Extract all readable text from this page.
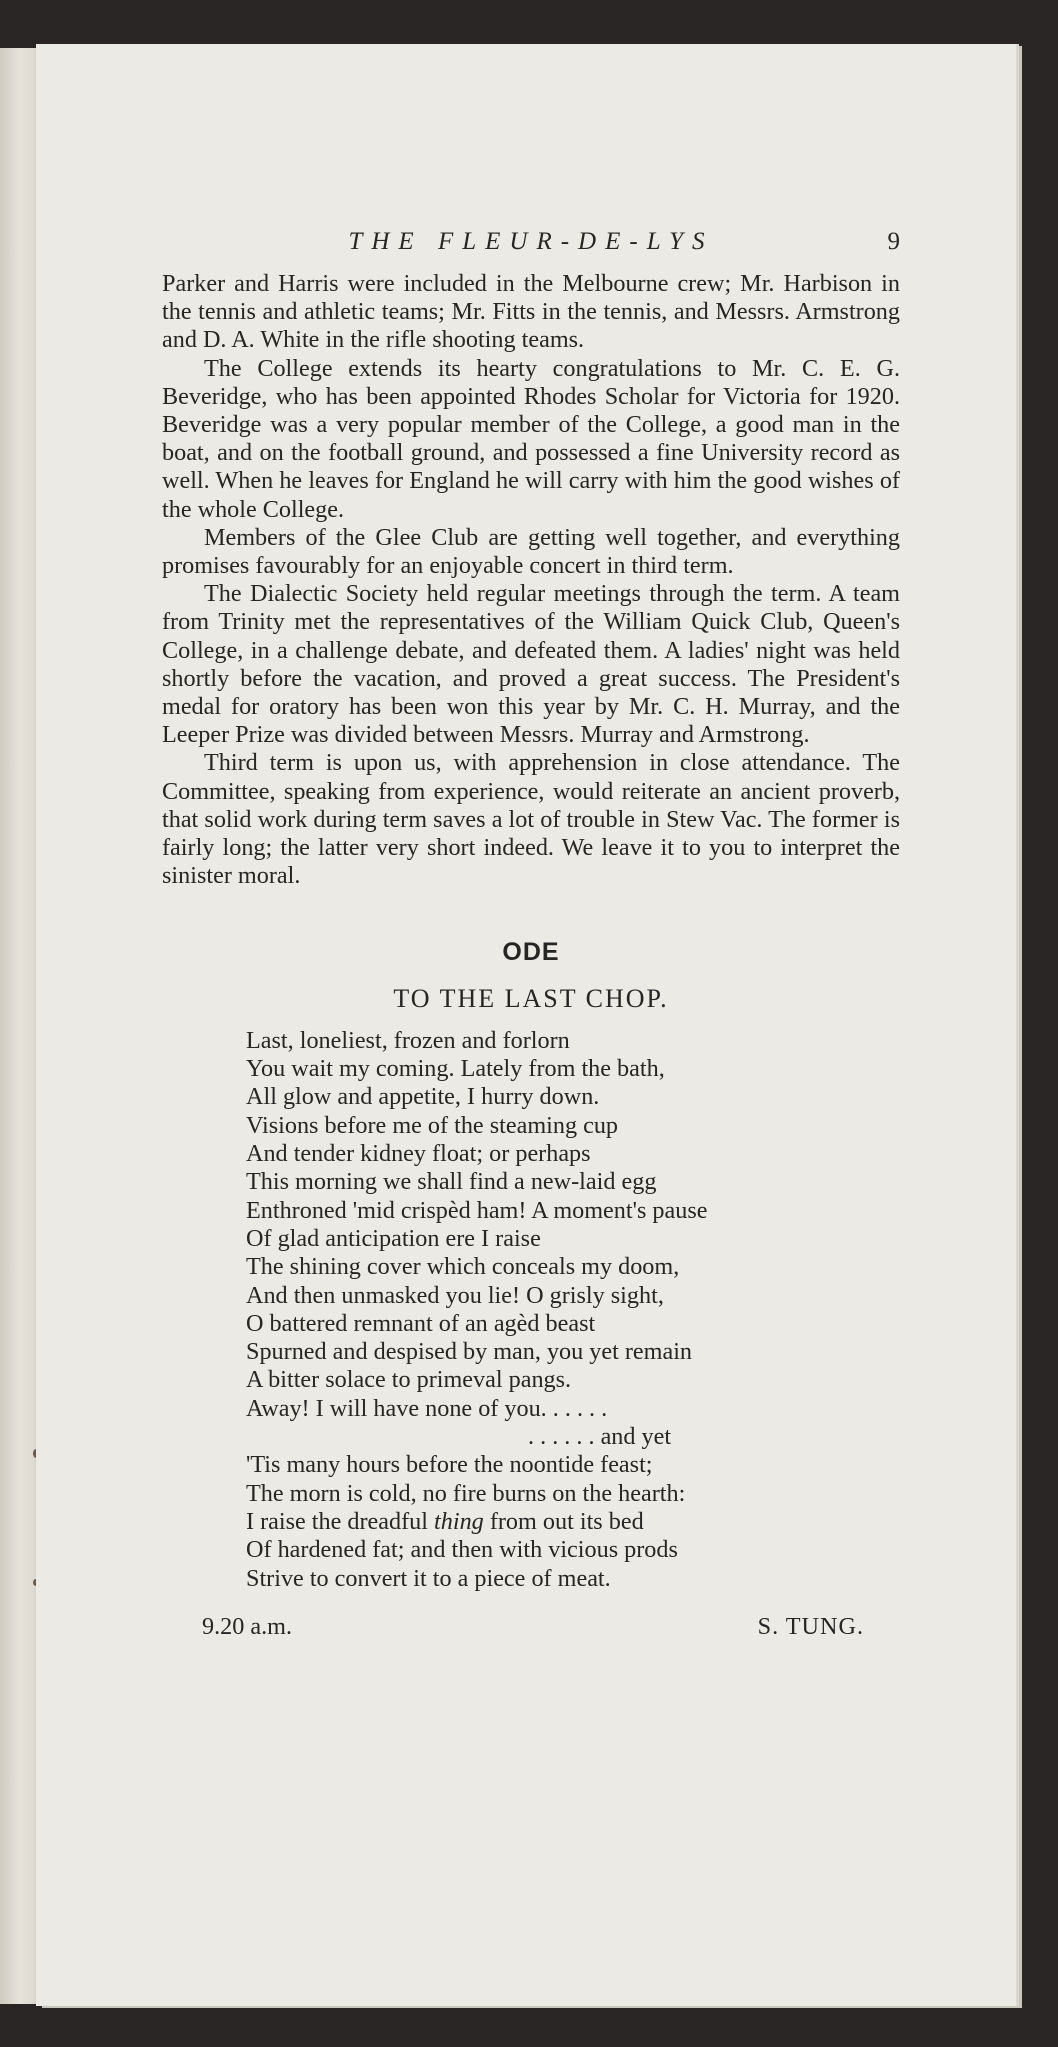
THE FLEUR-DE-LYS	9

Parker and Harris were included in the Melbourne crew; Mr. Harbison in the tennis and athletic teams; Mr. Fitts in the tennis, and Messrs. Armstrong and D. A. White in the rifle shooting teams.

The College extends its hearty congratulations to Mr. C. E. G. Beveridge, who has been appointed Rhodes Scholar for Victoria for 1920. Beveridge was a very popular member of the College, a good man in the boat, and on the football ground, and possessed a fine University record as well. When he leaves for England he will carry with him the good wishes of the whole College.

Members of the Glee Club are getting well together, and everything promises favourably for an enjoyable concert in third term.

The Dialectic Society held regular meetings through the term. A team from Trinity met the representatives of the William Quick Club, Queen's College, in a challenge debate, and defeated them. A ladies' night was held shortly before the vacation, and proved a great success. The President's medal for oratory has been won this year by Mr. C. H. Murray, and the Leeper Prize was divided between Messrs. Murray and Armstrong.

Third term is upon us, with apprehension in close attendance. The Committee, speaking from experience, would reiterate an ancient proverb, that solid work during term saves a lot of trouble in Stew Vac. The former is fairly long; the latter very short indeed. We leave it to you to interpret the sinister moral.

ODE
TO THE LAST CHOP.
Last, loneliest, frozen and forlorn
You wait my coming. Lately from the bath,
All glow and appetite, I hurry down.
Visions before me of the steaming cup
And tender kidney float; or perhaps
This morning we shall find a new-laid egg
Enthroned 'mid crispèd ham! A moment's pause
Of glad anticipation ere I raise
The shining cover which conceals my doom,
And then unmasked you lie! O grisly sight,
O battered remnant of an agèd beast
Spurned and despised by man, you yet remain
A bitter solace to primeval pangs.
Away! I will have none of you. . . . . .
. . . . . . and yet
'Tis many hours before the noontide feast;
The morn is cold, no fire burns on the hearth:
I raise the dreadful thing from out its bed
Of hardened fat; and then with vicious prods
Strive to convert it to a piece of meat.
9.20 a.m.	S. TUNG.
